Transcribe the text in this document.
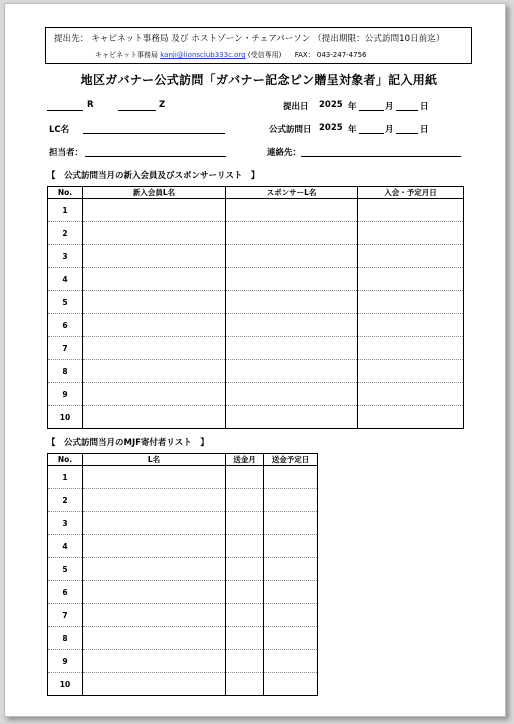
提出先： キャビネット事務局 及び ホストゾーン・チェアパーソン （提出期限：公式訪問10日前迄）
キャビネット事務局 kanji@lionsclub333c.org (受信専用) FAX： 043-247-4756
地区ガバナー公式訪問「ガバナー記念ピン贈呈対象者」記入用紙
R	Z	提出日 2025 年	月	日
LC名	公式訪問日 2025 年	月	日
担当者：	連絡先：
【　公式訪問当月の新入会員及びスポンサーリスト　】
No.	新入会員L名	スポンサーL名	入会・予定月日
1			
2			
3			
4			
5			
6			
7			
8			
9			
10			
【　公式訪問当月のMJF寄付者リスト　】
No.	L名	送金月	送金予定日
1			
2			
3			
4			
5			
6			
7			
8			
9			
10			
